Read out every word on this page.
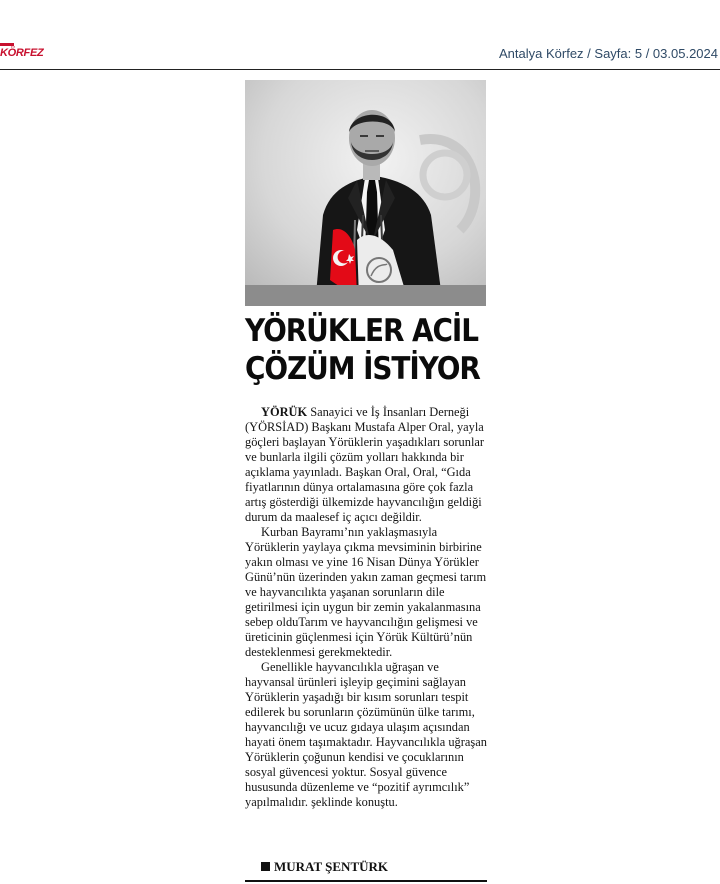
KÖRFEZ	Antalya Körfez / Sayfa: 5 / 03.05.2024
YÖRÜKLER ACİL
ÇÖZÜM İSTİYOR

YÖRÜK Sanayici ve İş İnsanları Derneği (YÖRSİAD) Başkanı Mustafa Alper Oral, yayla göçleri başlayan Yörüklerin yaşadıkları sorunlar ve bunlarla ilgili çözüm yolları hakkında bir açıklama yayınladı. Başkan Oral, Oral, “Gıda fiyatlarının dünya ortalamasına göre çok fazla artış gösterdiği ülkemizde hayvancılığın geldiği durum da maalesef iç açıcı değildir.

Kurban Bayramı’nın yaklaşmasıyla Yörüklerin yaylaya çıkma mevsiminin birbirine yakın olması ve yine 16 Nisan Dünya Yörükler Günü’nün üzerinden yakın zaman geçmesi tarım ve hayvancılıkta yaşanan sorunların dile getirilmesi için uygun bir zemin yakalanmasına sebep olduTarım ve hayvancılığın gelişmesi ve üreticinin güçlenmesi için Yörük Kültürü’nün desteklenmesi gerekmektedir.

Genellikle hayvancılıkla uğraşan ve hayvansal ürünleri işleyip geçimini sağlayan Yörüklerin yaşadığı bir kısım sorunları tespit edilerek bu sorunların çözümünün ülke tarımı, hayvancılığı ve ucuz gıdaya ulaşım açısından hayati önem taşımaktadır. Hayvancılıkla uğraşan Yörüklerin çoğunun kendisi ve çocuklarının sosyal güvencesi yoktur. Sosyal güvence hususunda düzenleme ve “pozitif ayrımcılık” yapılmalıdır. şeklinde konuştu.

MURAT ŞENTÜRK
